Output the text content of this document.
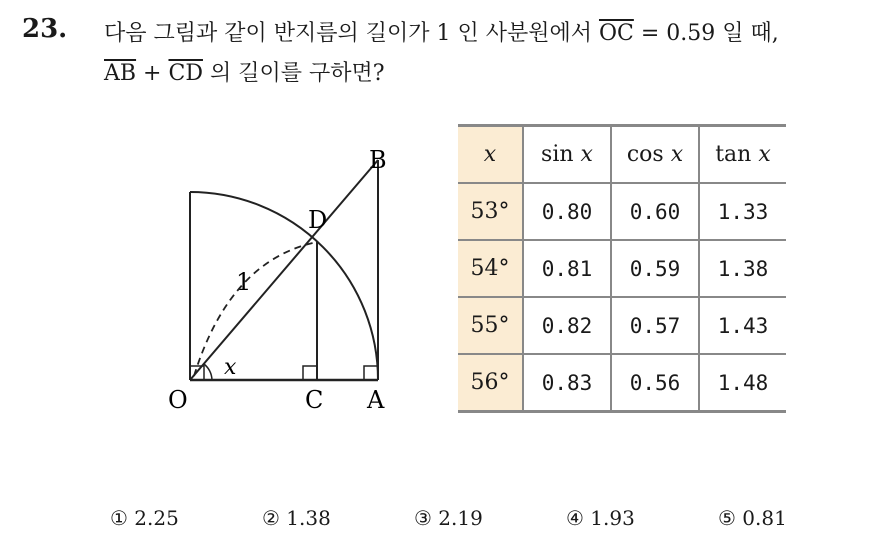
23. 다음 그림과 같이 반지름의 길이가 1 인 사분원에서 $\overline{OC} = 0.59$ 일 때,
$\overline{AB} + \overline{CD}$ 의 길이를 구하면?
O	C A
B
D
1
x
x	sin x	cos x	tan x
53°	0.80	0.60	1.33
54°	0.81	0.59	1.38
55°	0.82	0.57	1.43
56°	0.83	0.56	1.48
① 2.25	② 1.38	③ 2.19	④ 1.93	⑤ 0.81
